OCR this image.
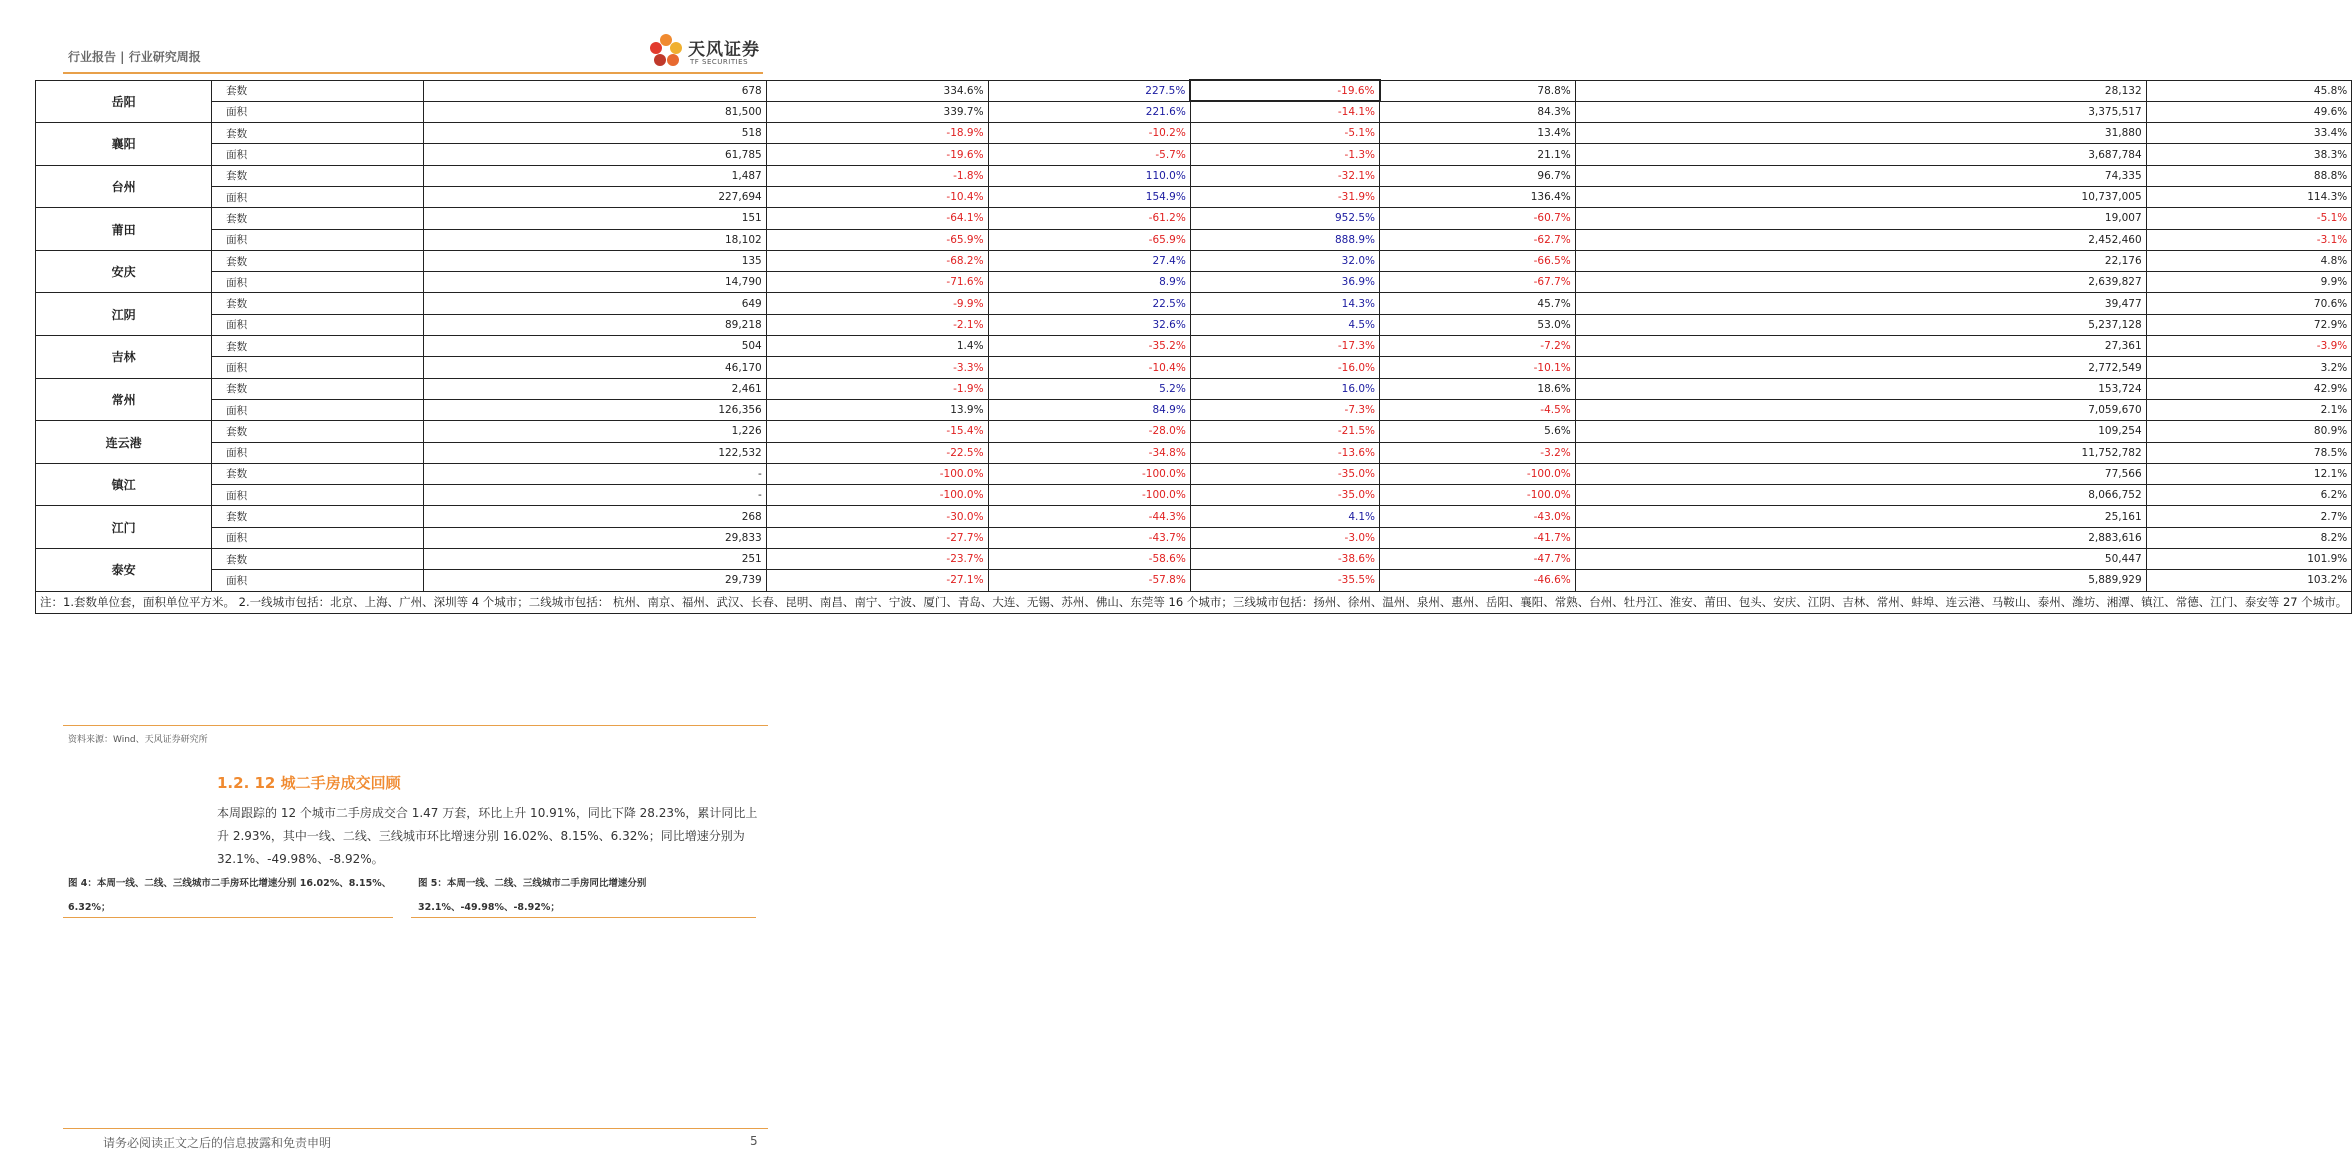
行业报告 | 行业研究周报	天风证券
TF SECURITIES
岳阳	套数	678	334.6%	227.5%	-19.6%	78.8%	28,132	45.8%
	面积	81,500	339.7%	221.6%	-14.1%	84.3%	3,375,517	49.6%
襄阳	套数	518	-18.9%	-10.2%	-5.1%	13.4%	31,880	33.4%
	面积	61,785	-19.6%	-5.7%	-1.3%	21.1%	3,687,784	38.3%
台州	套数	1,487	-1.8%	110.0%	-32.1%	96.7%	74,335	88.8%
	面积	227,694	-10.4%	154.9%	-31.9%	136.4%	10,737,005	114.3%
莆田	套数	151	-64.1%	-61.2%	952.5%	-60.7%	19,007	-5.1%
	面积	18,102	-65.9%	-65.9%	888.9%	-62.7%	2,452,460	-3.1%
安庆	套数	135	-68.2%	27.4%	32.0%	-66.5%	22,176	4.8%
	面积	14,790	-71.6%	8.9%	36.9%	-67.7%	2,639,827	9.9%
江阴	套数	649	-9.9%	22.5%	14.3%	45.7%	39,477	70.6%
	面积	89,218	-2.1%	32.6%	4.5%	53.0%	5,237,128	72.9%
吉林	套数	504	1.4%	-35.2%	-17.3%	-7.2%	27,361	-3.9%
	面积	46,170	-3.3%	-10.4%	-16.0%	-10.1%	2,772,549	3.2%
常州	套数	2,461	-1.9%	5.2%	16.0%	18.6%	153,724	42.9%
	面积	126,356	13.9%	84.9%	-7.3%	-4.5%	7,059,670	2.1%
连云港	套数	1,226	-15.4%	-28.0%	-21.5%	5.6%	109,254	80.9%
	面积	122,532	-22.5%	-34.8%	-13.6%	-3.2%	11,752,782	78.5%
镇江	套数	-	-100.0%	-100.0%	-35.0%	-100.0%	77,566	12.1%
	面积	-	-100.0%	-100.0%	-35.0%	-100.0%	8,066,752	6.2%
江门	套数	268	-30.0%	-44.3%	4.1%	-43.0%	25,161	2.7%
	面积	29,833	-27.7%	-43.7%	-3.0%	-41.7%	2,883,616	8.2%
泰安	套数	251	-23.7%	-58.6%	-38.6%	-47.7%	50,447	101.9%
	面积	29,739	-27.1%	-57.8%	-35.5%	-46.6%	5,889,929	103.2%
注：1.套数单位套，面积单位平方米。 2.一线城市包括：北京、上海、广州、深圳等 4 个城市；二线城市包括： 杭州、南京、福州、武汉、长春、昆明、南昌、南宁、宁波、厦门、青岛、大连、无锡、苏州、佛山、东莞等 16 个城市；三线城市包括：扬州、徐州、温州、泉州、惠州、岳阳、襄阳、常熟、台州、牡丹江、淮安、莆田、包头、安庆、江阴、吉林、常州、蚌埠、连云港、马鞍山、泰州、潍坊、湘潭、镇江、常德、江门、泰安等 27 个城市。								
资料来源：Wind、天风证券研究所
1.2. 12 城二手房成交回顾
本周跟踪的 12 个城市二手房成交合 1.47 万套，环比上升 10.91%，同比下降 28.23%，累计同比上升 2.93%，其中一线、二线、三线城市环比增速分别 16.02%、8.15%、6.32%；同比增速分别为 32.1%、-49.98%、-8.92%。
图 4：本周一线、二线、三线城市二手房环比增速分别 16.02%、8.15%、6.32%；
图 5：本周一线、二线、三线城市二手房同比增速分别 32.1%、-49.98%、-8.92%；
请务必阅读正文之后的信息披露和免责申明	5
